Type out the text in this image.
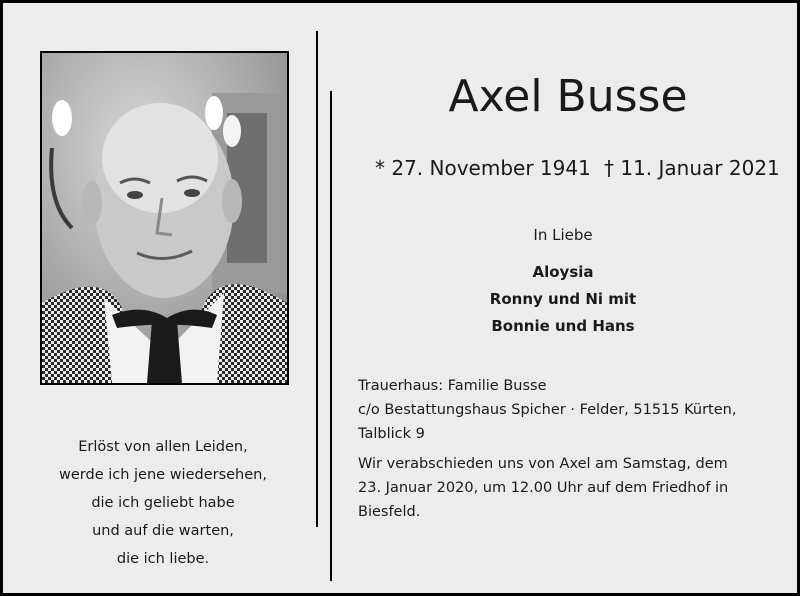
Erlöst von allen Leiden,
werde ich jene wiedersehen,
die ich geliebt habe
und auf die warten,
die ich liebe.
Axel Busse
* 27. November 1941 † 11. Januar 2021
In Liebe
Aloysia
Ronny und Ni mit
Bonnie und Hans
Trauerhaus: Familie Busse
c/o Bestattungshaus Spicher · Felder, 51515 Kürten,
Talblick 9
Wir verabschieden uns von Axel am Samstag, dem
23. Januar 2020, um 12.00 Uhr auf dem Friedhof in
Biesfeld.
